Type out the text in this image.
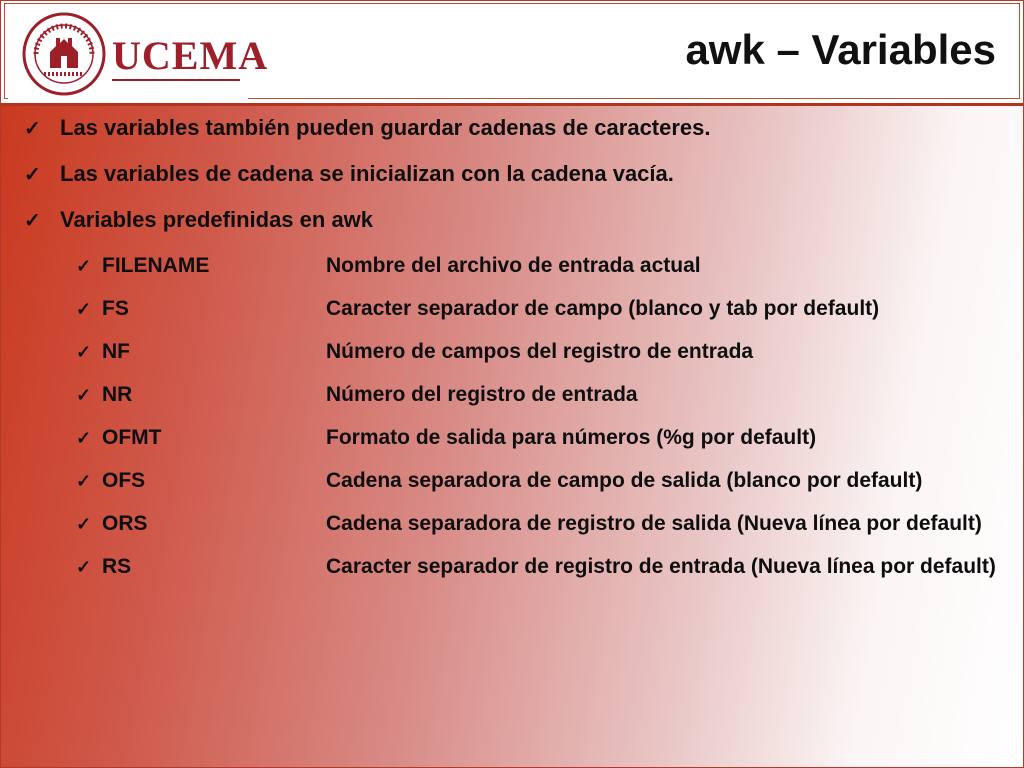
UCEMA	awk – Variables
✓ Las variables también pueden guardar cadenas de caracteres.
✓ Las variables de cadena se inicializan con la cadena vacía.
✓ Variables predefinidas en awk
✓ FILENAME	Nombre del archivo de entrada actual
✓ FS	Caracter separador de campo (blanco y tab por default)
✓ NF	Número de campos del registro de entrada
✓ NR	Número del registro de entrada
✓ OFMT	Formato de salida para números (%g por default)
✓ OFS	Cadena separadora de campo de salida (blanco por default)
✓ ORS	Cadena separadora de registro de salida (Nueva línea por default)
✓ RS	Caracter separador de registro de entrada (Nueva línea por default)
